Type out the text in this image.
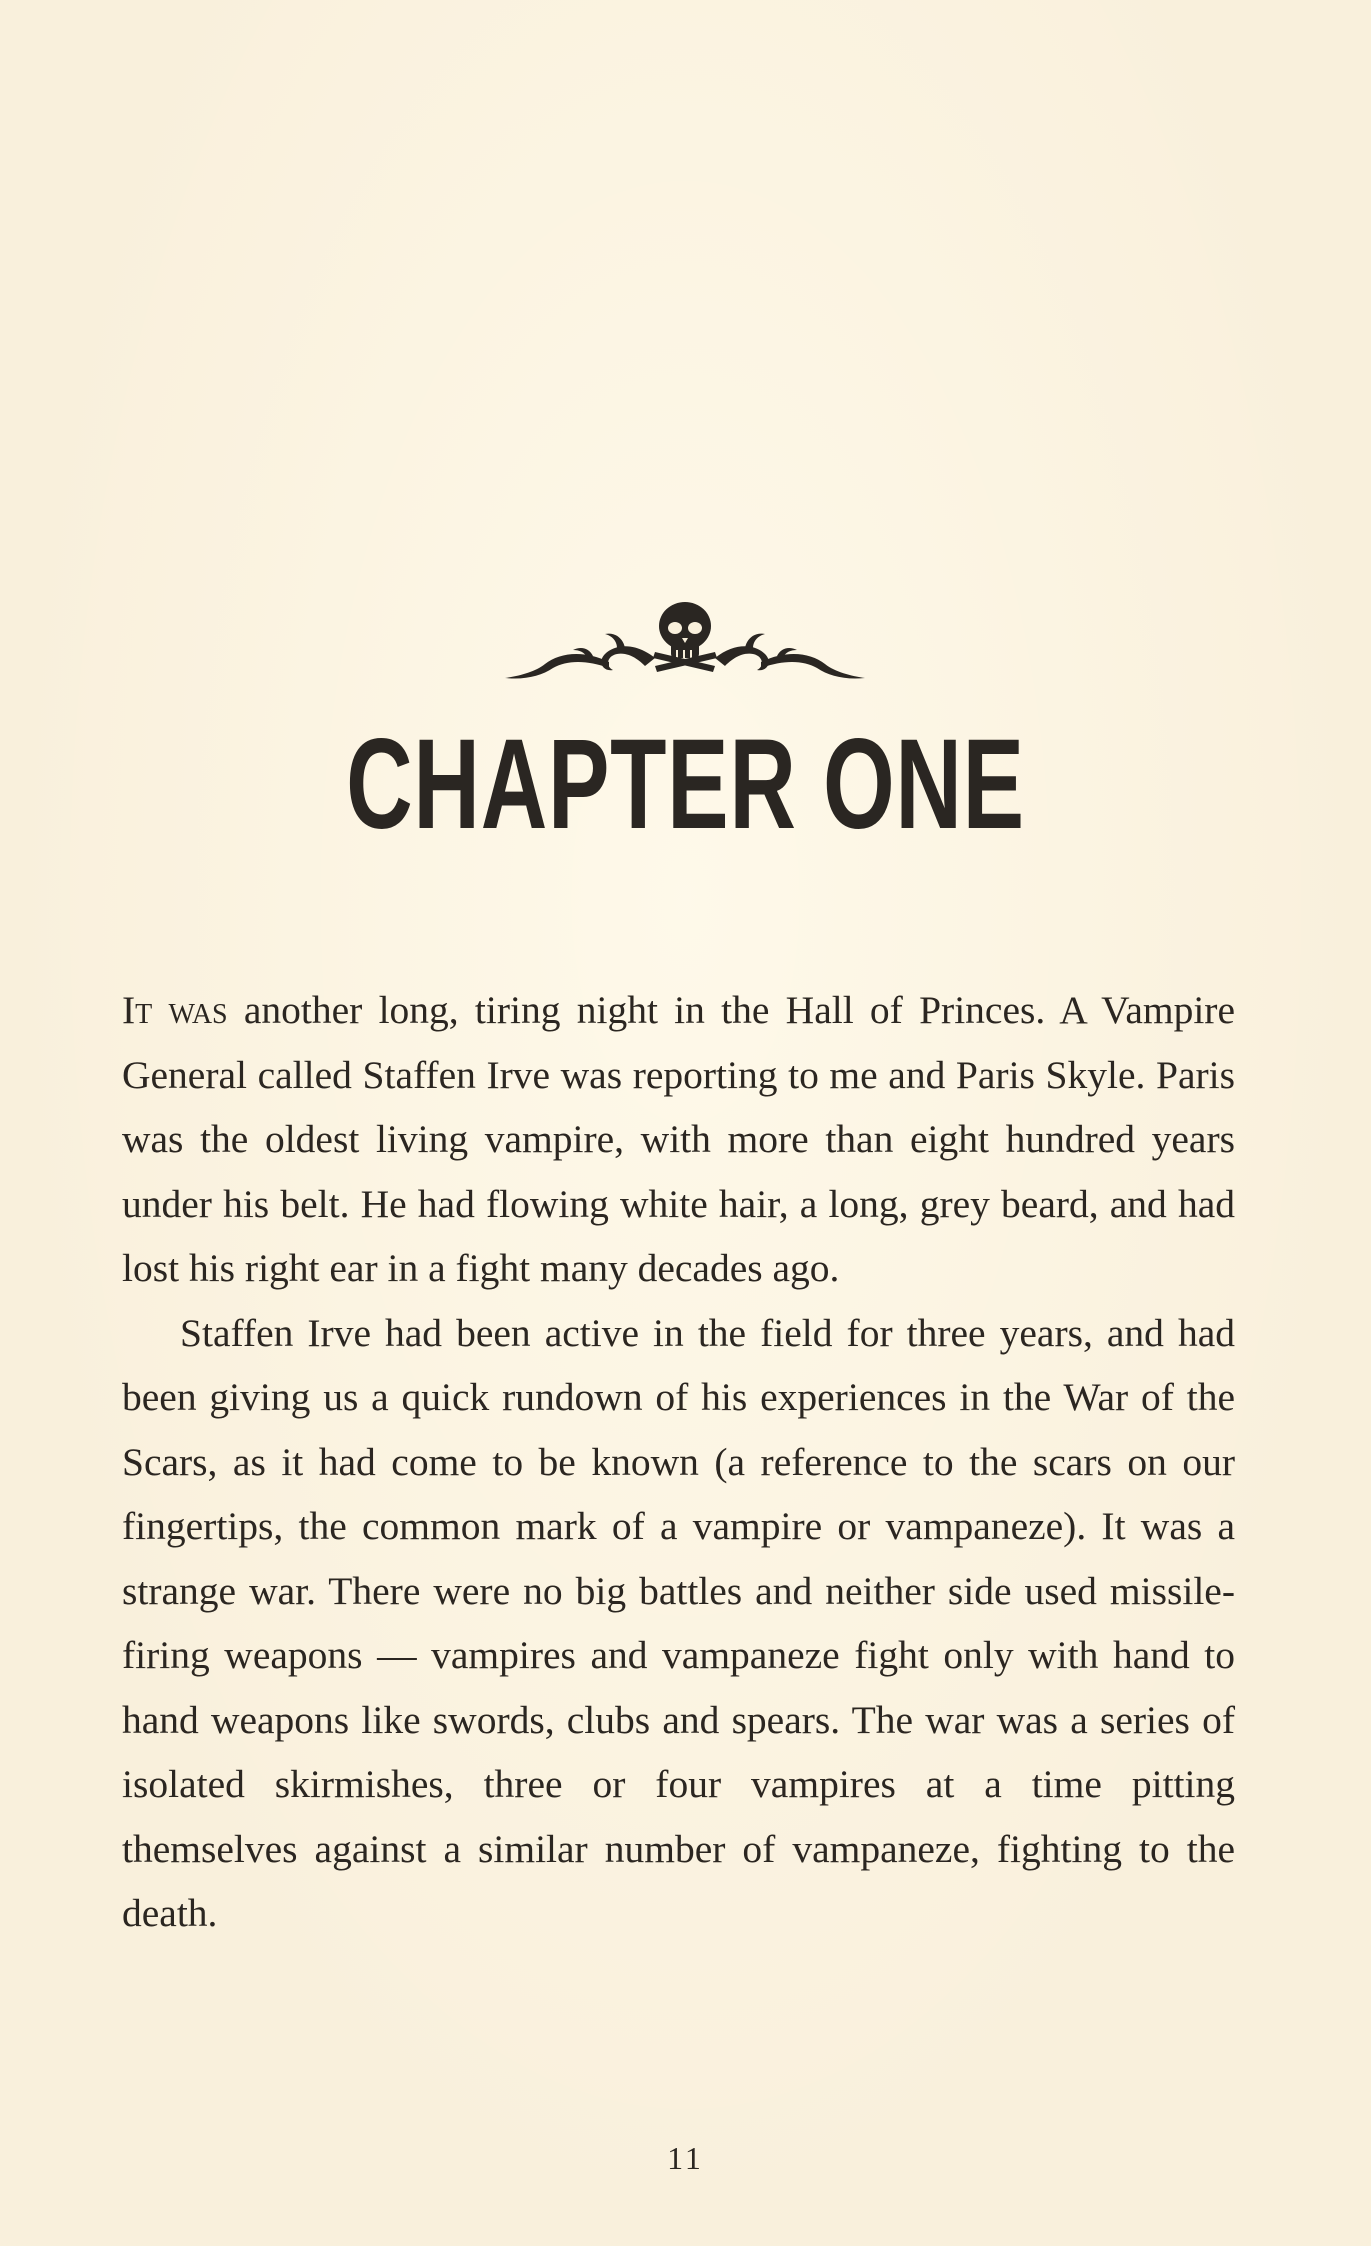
CHAPTER ONE

It was another long, tiring night in the Hall of Princes. A Vampire General called Staffen Irve was reporting to me and Paris Skyle. Paris was the oldest living vampire, with more than eight hundred years under his belt. He had flowing white hair, a long, grey beard, and had lost his right ear in a fight many decades ago.

Staffen Irve had been active in the field for three years, and had been giving us a quick rundown of his experiences in the War of the Scars, as it had come to be known (a reference to the scars on our fingertips, the common mark of a vampire or vampaneze). It was a strange war. There were no big battles and neither side used missile-firing weapons — vampires and vampaneze fight only with hand to hand weapons like swords, clubs and spears. The war was a series of isolated skirmishes, three or four vampires at a time pitting themselves against a similar number of vampaneze, fighting to the death.

11
